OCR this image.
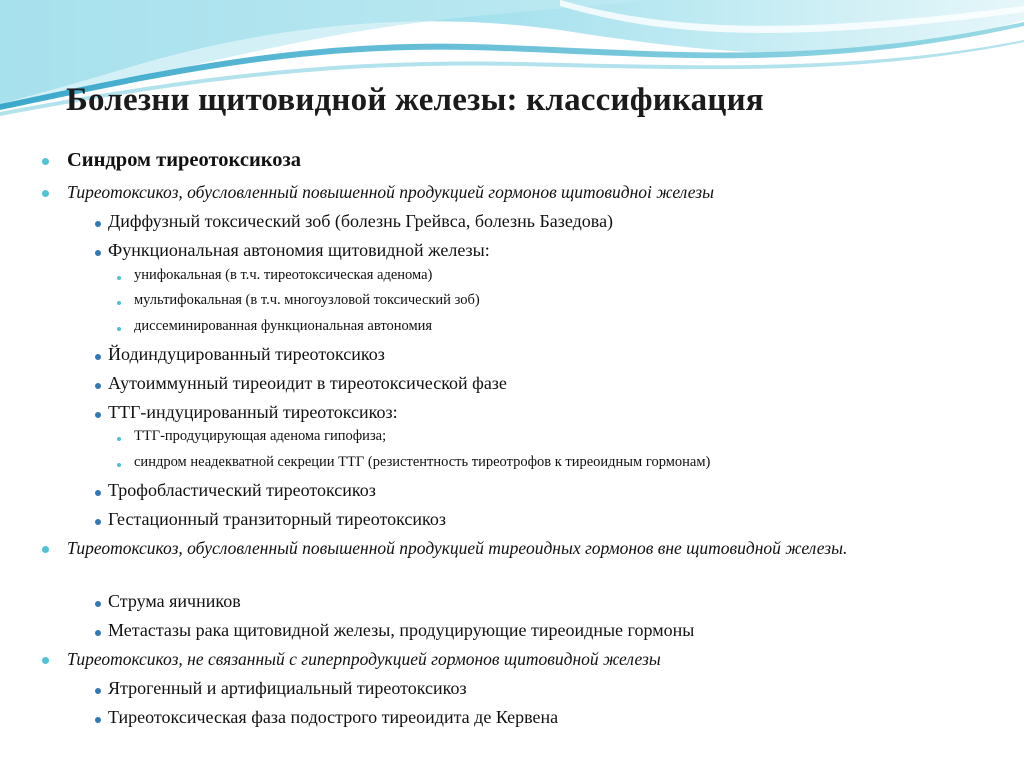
Болезни щитовидной железы: классификация
Синдром тиреотоксикоза
Тиреотоксикоз, обусловленный повышенной продукцией гормонов щитовидноi железы
Диффузный токсический зоб (болезнь Грейвса, болезнь Базедова)
Функциональная автономия щитовидной железы:
унифокальная (в т.ч. тиреотоксическая аденома)
мультифокальная (в т.ч. многоузловой токсический зоб)
диссеминированная функциональная автономия
Йодиндуцированный тиреотоксикоз
Аутоиммунный тиреоидит в тиреотоксической фазе
ТТГ-индуцированный тиреотоксикоз:
ТТГ-продуцирующая аденома гипофиза;
синдром неадекватной секреции ТТГ (резистентность тиреотрофов к тиреоидным гормонам)
Трофобластический тиреотоксикоз
Гестационный транзиторный тиреотоксикоз
Тиреотоксикоз, обусловленный повышенной продукцией тиреоидных гормонов вне щитовидной железы.
Струма яичников
Метастазы рака щитовидной железы, продуцирующие тиреоидные гормоны
Тиреотоксикоз, не связанный с гиперпродукцией гормонов щитовидной железы
Ятрогенный и артифициальный тиреотоксикоз
Тиреотоксическая фаза подострого тиреоидита де Кервена
